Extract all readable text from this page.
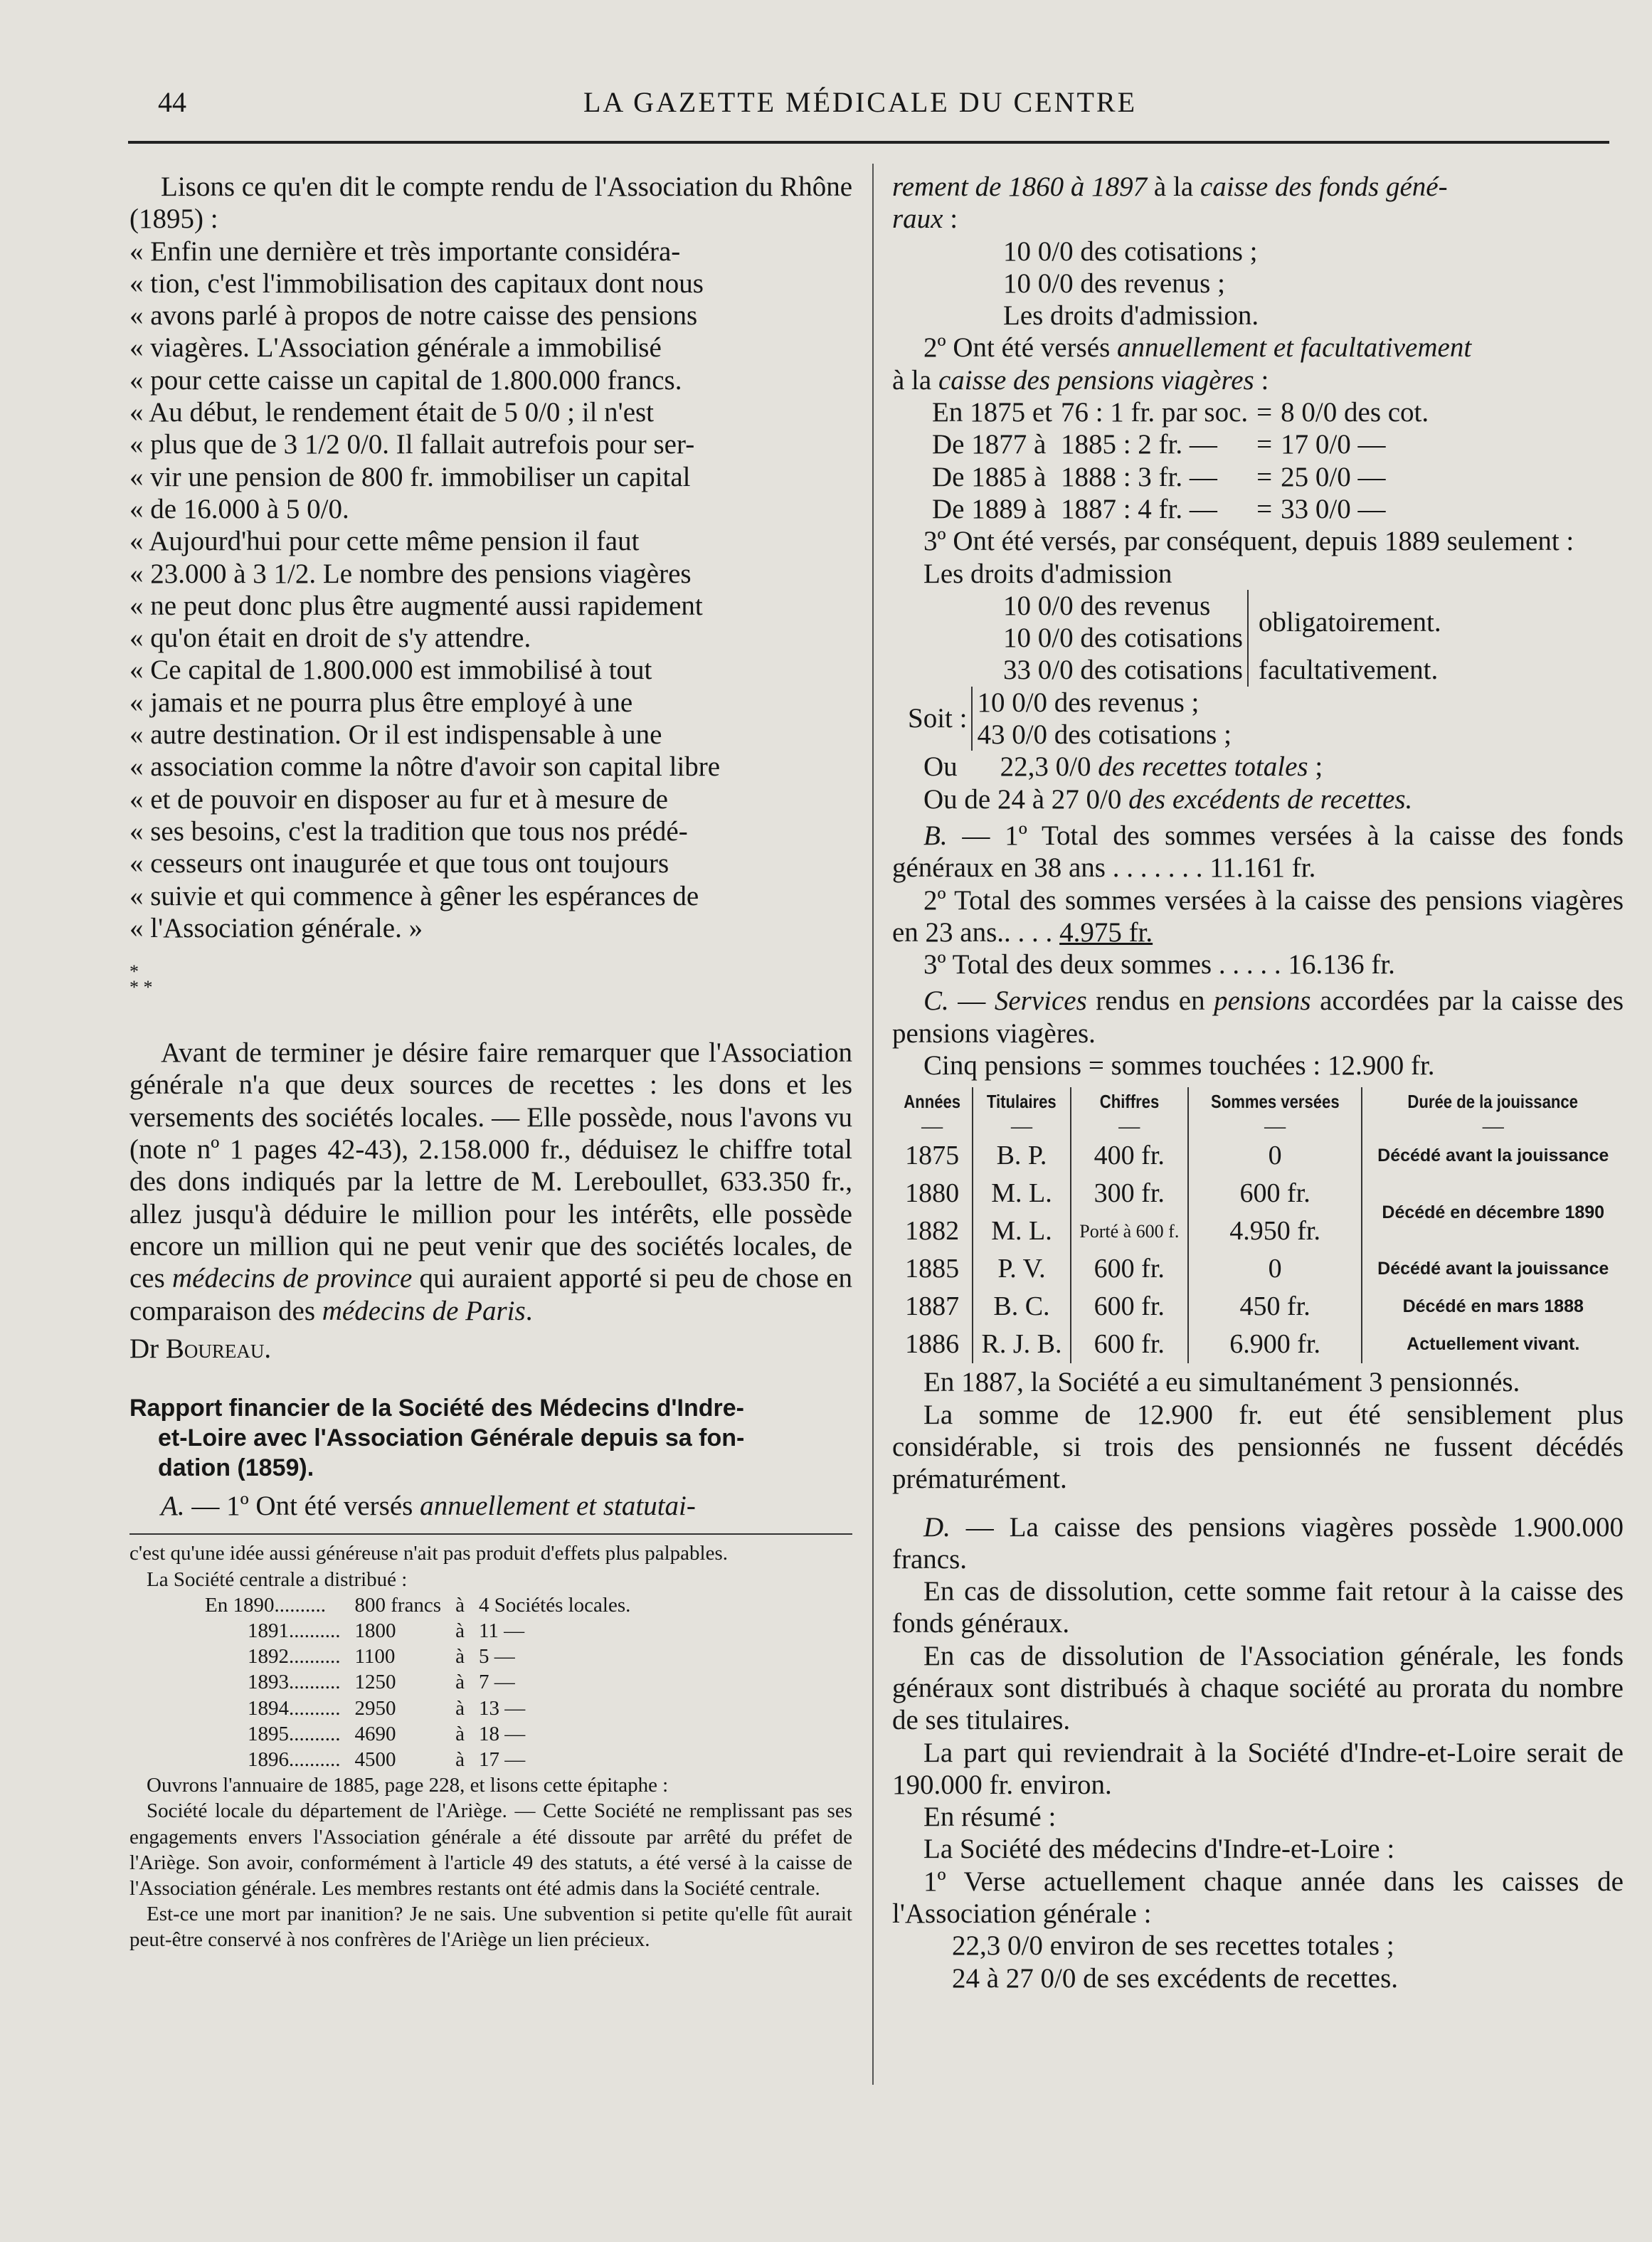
44	LA GAZETTE MÉDICALE DU CENTRE

Lisons ce qu'en dit le compte rendu de l'Association du Rhône (1895) :

« Enfin une dernière et très importante considéra-

« tion, c'est l'immobilisation des capitaux dont nous

« avons parlé à propos de notre caisse des pensions

« viagères. L'Association générale a immobilisé

« pour cette caisse un capital de 1.800.000 francs.

« Au début, le rendement était de 5 0/0 ; il n'est

« plus que de 3 1/2 0/0. Il fallait autrefois pour ser-

« vir une pension de 800 fr. immobiliser un capital

« de 16.000 à 5 0/0.

« Aujourd'hui pour cette même pension il faut

« 23.000 à 3 1/2. Le nombre des pensions viagères

« ne peut donc plus être augmenté aussi rapidement

« qu'on était en droit de s'y attendre.

« Ce capital de 1.800.000 est immobilisé à tout

« jamais et ne pourra plus être employé à une

« autre destination. Or il est indispensable à une

« association comme la nôtre d'avoir son capital libre

« et de pouvoir en disposer au fur et à mesure de

« ses besoins, c'est la tradition que tous nos prédé-

« cesseurs ont inaugurée et que tous ont toujours

« suivie et qui commence à gêner les espérances de

« l'Association générale. »

*
* *

Avant de terminer je désire faire remarquer que l'Association générale n'a que deux sources de recettes : les dons et les versements des sociétés locales. — Elle possède, nous l'avons vu (note nº 1 pages 42-43), 2.158.000 fr., déduisez le chiffre total des dons indiqués par la lettre de M. Lereboullet, 633.350 fr., allez jusqu'à déduire le million pour les intérêts, elle possède encore un million qui ne peut venir que des sociétés locales, de ces médecins de province qui auraient apporté si peu de chose en comparaison des médecins de Paris.

Dr Boureau.

Rapport financier de la Société des Médecins d'Indre-
et-Loire avec l'Association Générale depuis sa fon-
dation (1859).

A. — 1º Ont été versés annuellement et statutai-

c'est qu'une idée aussi généreuse n'ait pas produit d'effets plus palpables.

La Société centrale a distribué :

En 1890..........	800 francs	à	4 Sociétés locales.
1891..........	1800	à	11 —
1892..........	1100	à	5 —
1893..........	1250	à	7 —
1894..........	2950	à	13 —
1895..........	4690	à	18 —
1896..........	4500	à	17 —

Ouvrons l'annuaire de 1885, page 228, et lisons cette épitaphe :

Société locale du département de l'Ariège. — Cette Société ne remplissant pas ses engagements envers l'Association générale a été dissoute par arrêté du préfet de l'Ariège. Son avoir, conformément à l'article 49 des statuts, a été versé à la caisse de l'Association générale. Les membres restants ont été admis dans la Société centrale.

Est-ce une mort par inanition? Je ne sais. Une subvention si petite qu'elle fût aurait peut-être conservé à nos confrères de l'Ariège un lien précieux.

rement de 1860 à 1897 à la caisse des fonds géné-
raux :

10 0/0 des cotisations ;

10 0/0 des revenus ;

Les droits d'admission.

2º Ont été versés annuellement et facultativement
à la caisse des pensions viagères :

En 1875 et	76 : 1 fr. par soc.	=	8 0/0 des cot.
De 1877 à	1885 : 2 fr. —	=	17 0/0 —
De 1885 à	1888 : 3 fr. —	=	25 0/0 —
De 1889 à	1887 : 4 fr. —	=	33 0/0 —

3º Ont été versés, par conséquent, depuis 1889 seulement :

Les droits d'admission

10 0/0 des revenus	obligatoirement.
10 0/0 des cotisations	
33 0/0 des cotisations	facultativement.
Soit :	10 0/0 des revenus ;
43 0/0 des cotisations ;

Ou 22,3 0/0 des recettes totales ;

Ou de 24 à 27 0/0 des excédents de recettes.

B. — 1º Total des sommes versées à la caisse des fonds généraux en 38 ans . . . . . . . 11.161 fr.

2º Total des sommes versées à la caisse des pensions viagères en 23 ans.. . . . 4.975 fr.

3º Total des deux sommes . . . . . 16.136 fr.

C. — Services rendus en pensions accordées par la caisse des pensions viagères.

Cinq pensions = sommes touchées : 12.900 fr.

Années	Titulaires	Chiffres	Sommes versées	Durée de la jouissance
—	—	—	—	—
1875	B. P.	400 fr.	0	Décédé avant la jouissance
1880	M. L.	300 fr.	600 fr.	Décédé en décembre 1890
1882	M. L.	Porté à 600 f.	4.950 fr.	
1885	P. V.	600 fr.	0	Décédé avant la jouissance
1887	B. C.	600 fr.	450 fr.	Décédé en mars 1888
1886	R. J. B.	600 fr.	6.900 fr.	Actuellement vivant.

En 1887, la Société a eu simultanément 3 pensionnés.

La somme de 12.900 fr. eut été sensiblement plus considérable, si trois des pensionnés ne fussent décédés prématurément.

D. — La caisse des pensions viagères possède 1.900.000 francs.

En cas de dissolution, cette somme fait retour à la caisse des fonds généraux.

En cas de dissolution de l'Association générale, les fonds généraux sont distribués à chaque société au prorata du nombre de ses titulaires.

La part qui reviendrait à la Société d'Indre-et-Loire serait de 190.000 fr. environ.

En résumé :

La Société des médecins d'Indre-et-Loire :

1º Verse actuellement chaque année dans les caisses de l'Association générale :

22,3 0/0 environ de ses recettes totales ;

24 à 27 0/0 de ses excédents de recettes.
